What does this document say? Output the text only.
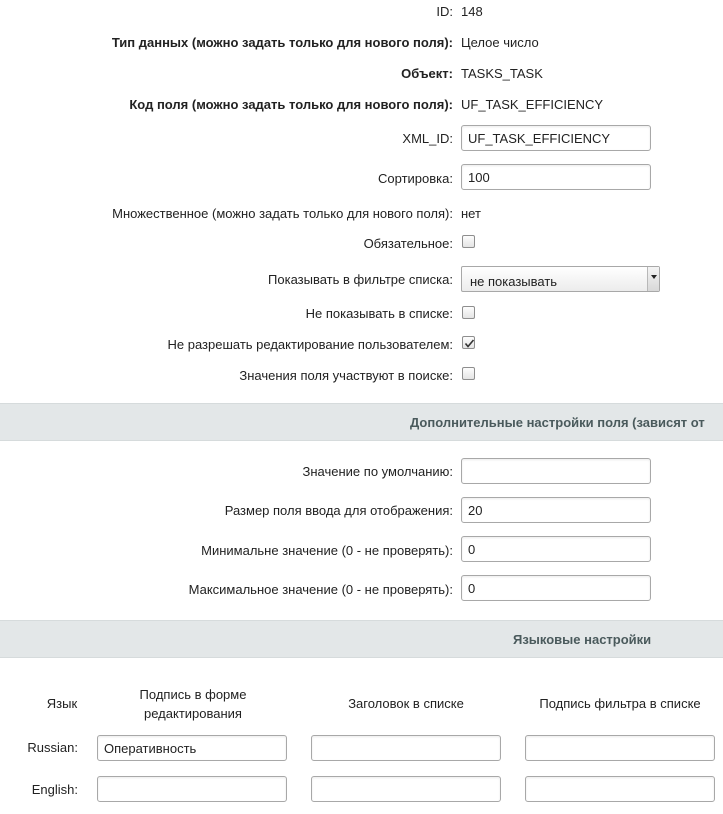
ID: 148
Тип данных (можно задать только для нового поля): Целое число
Объект: TASKS_TASK
Код поля (можно задать только для нового поля): UF_TASK_EFFICIENCY
XML_ID:
UF_TASK_EFFICIENCY
Сортировка:
100
Множественное (можно задать только для нового поля): нет
Обязательное:
Показывать в фильтре списка: не показывать
Не показывать в списке:
Не разрешать редактирование пользователем:
Значения поля участвуют в поиске:
Дополнительные настройки поля (зависят от
Значение по умолчанию:
Размер поля ввода для отображения:
20
Минимальне значение (0 - не проверять):
0
Максимальное значение (0 - не проверять):
0
Языковые настройки
Язык
Подпись в форме
редактирования
Заголовок в списке	Подпись фильтра в списке
Russian:
Оперативность
English:
